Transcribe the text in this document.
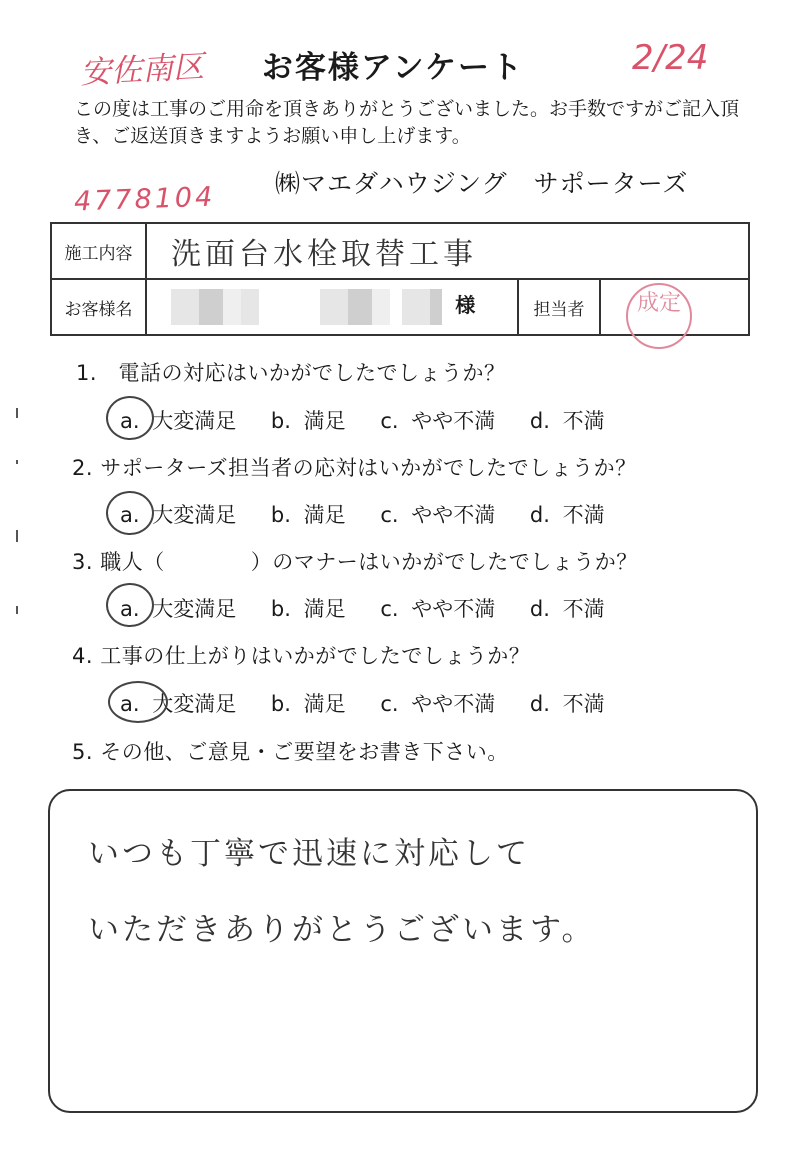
安佐南区	2/24
4778104
お客様アンケート
この度は工事のご用命を頂きありがとうございました。お手数ですがご記入頂き、ご返送頂きますようお願い申し上げます。
㈱マエダハウジング　サポーターズ
施工内容	洗面台水栓取替工事		
お客様名	様	担当者		成定
1.　 電話の対応はいかがでしたでしょうか？
a. 大変満足 b. 満足 c. やや不満 d. 不満
2. サポーターズ担当者の応対はいかがでしたでしょうか？
a. 大変満足 b. 満足 c. やや不満 d. 不満
3. 職人（　　　　）のマナーはいかがでしたでしょうか？
a. 大変満足 b. 満足 c. やや不満 d. 不満
4. 工事の仕上がりはいかがでしたでしょうか？
a. 大変満足 b. 満足 c. やや不満 d. 不満
5. その他、ご意見・ご要望をお書き下さい。
いつも丁寧で迅速に対応して
いただきありがとうございます。
